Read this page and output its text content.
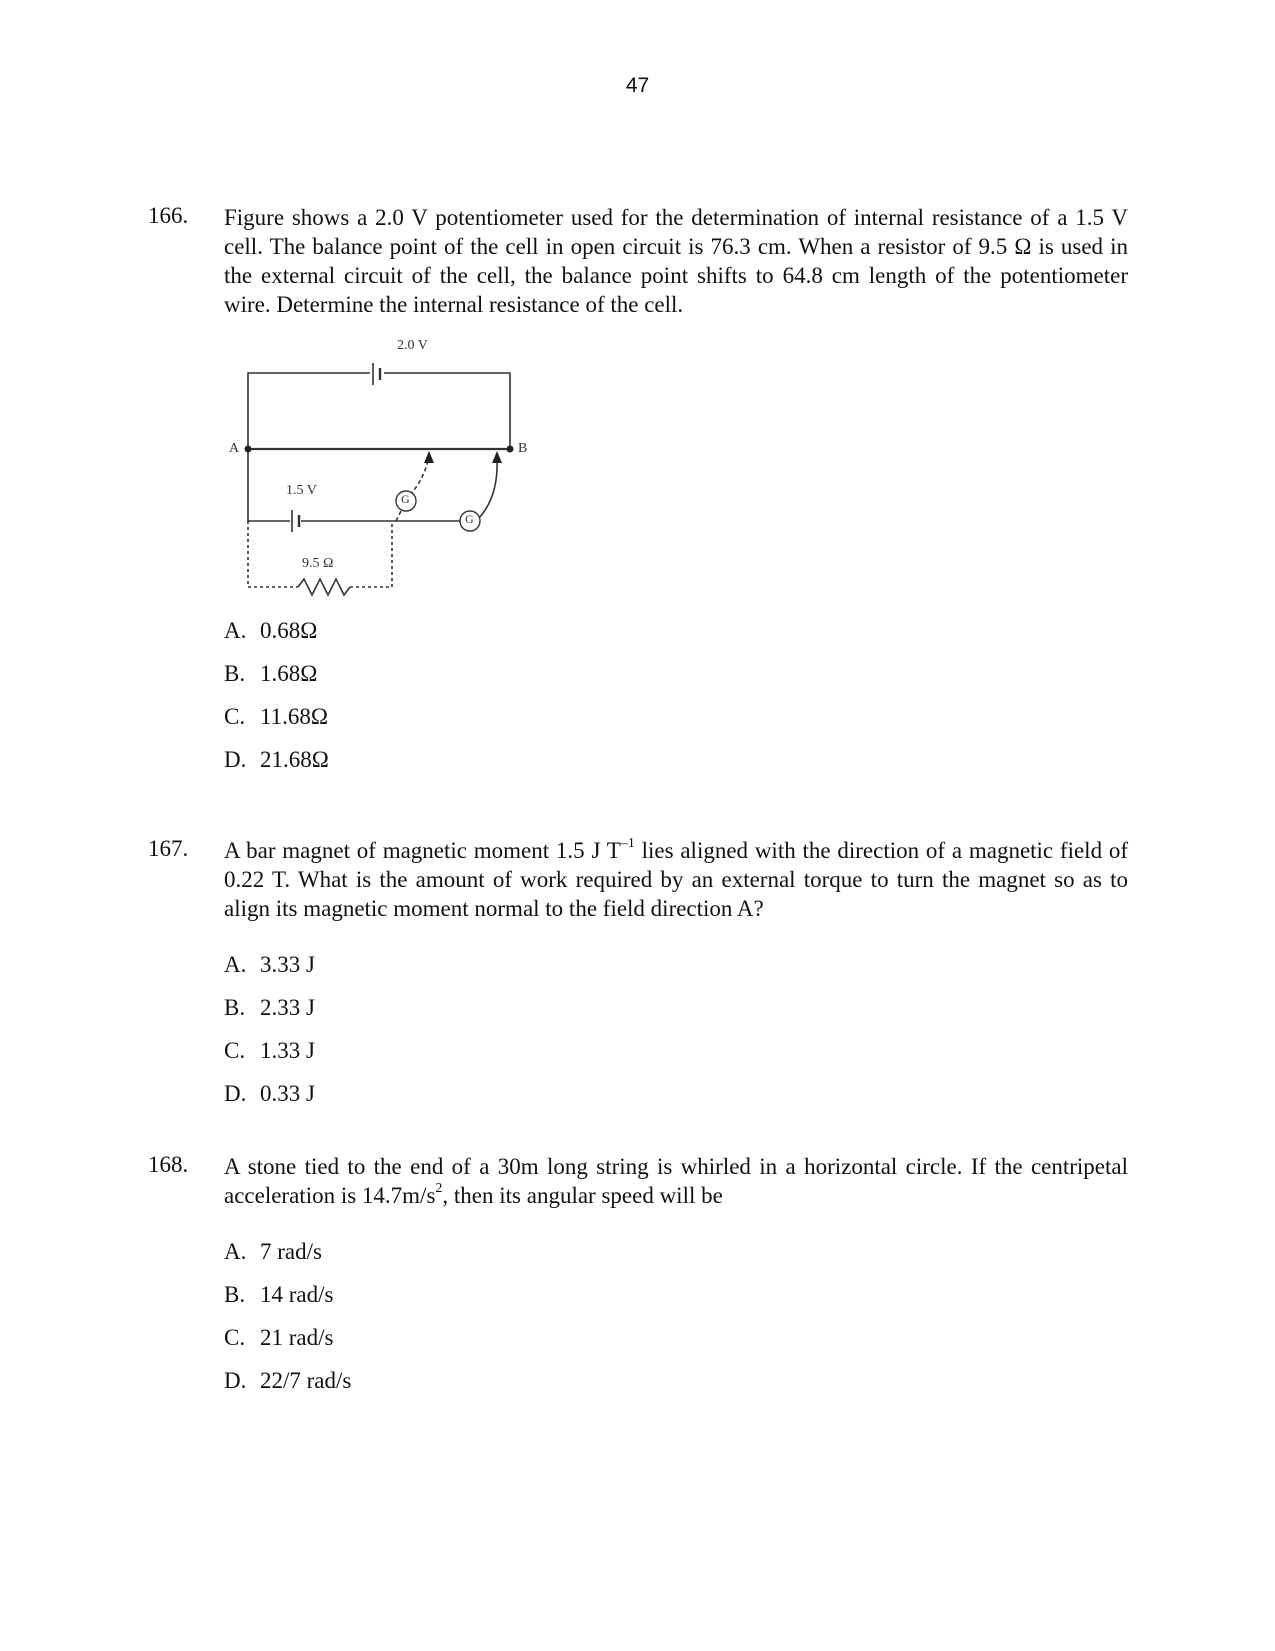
47
166. Figure shows a 2.0 V potentiometer used for the determination of internal resistance of a 1.5 V cell. The balance point of the cell in open circuit is 76.3 cm. When a resistor of 9.5 Ω is used in the external circuit of the cell, the balance point shifts to 64.8 cm length of the potentiometer wire. Determine the internal resistance of the cell.
2.0 V
A	B
1.5 V
9.5 Ω
G
G
A. 0.68Ω
B. 1.68Ω
C. 11.68Ω
D. 21.68Ω
167. A bar magnet of magnetic moment 1.5 J $T^{-1}$ lies aligned with the direction of a magnetic field of 0.22 T. What is the amount of work required by an external torque to turn the magnet so as to align its magnetic moment normal to the field direction A?
A. 3.33 J
B. 2.33 J
C. 1.33 J
D. 0.33 J
168. A stone tied to the end of a 30m long string is whirled in a horizontal circle. If the centripetal acceleration is $14.7m/s^2$, then its angular speed will be
A. 7 rad/s
B. 14 rad/s
C. 21 rad/s
D. 22/7 rad/s
